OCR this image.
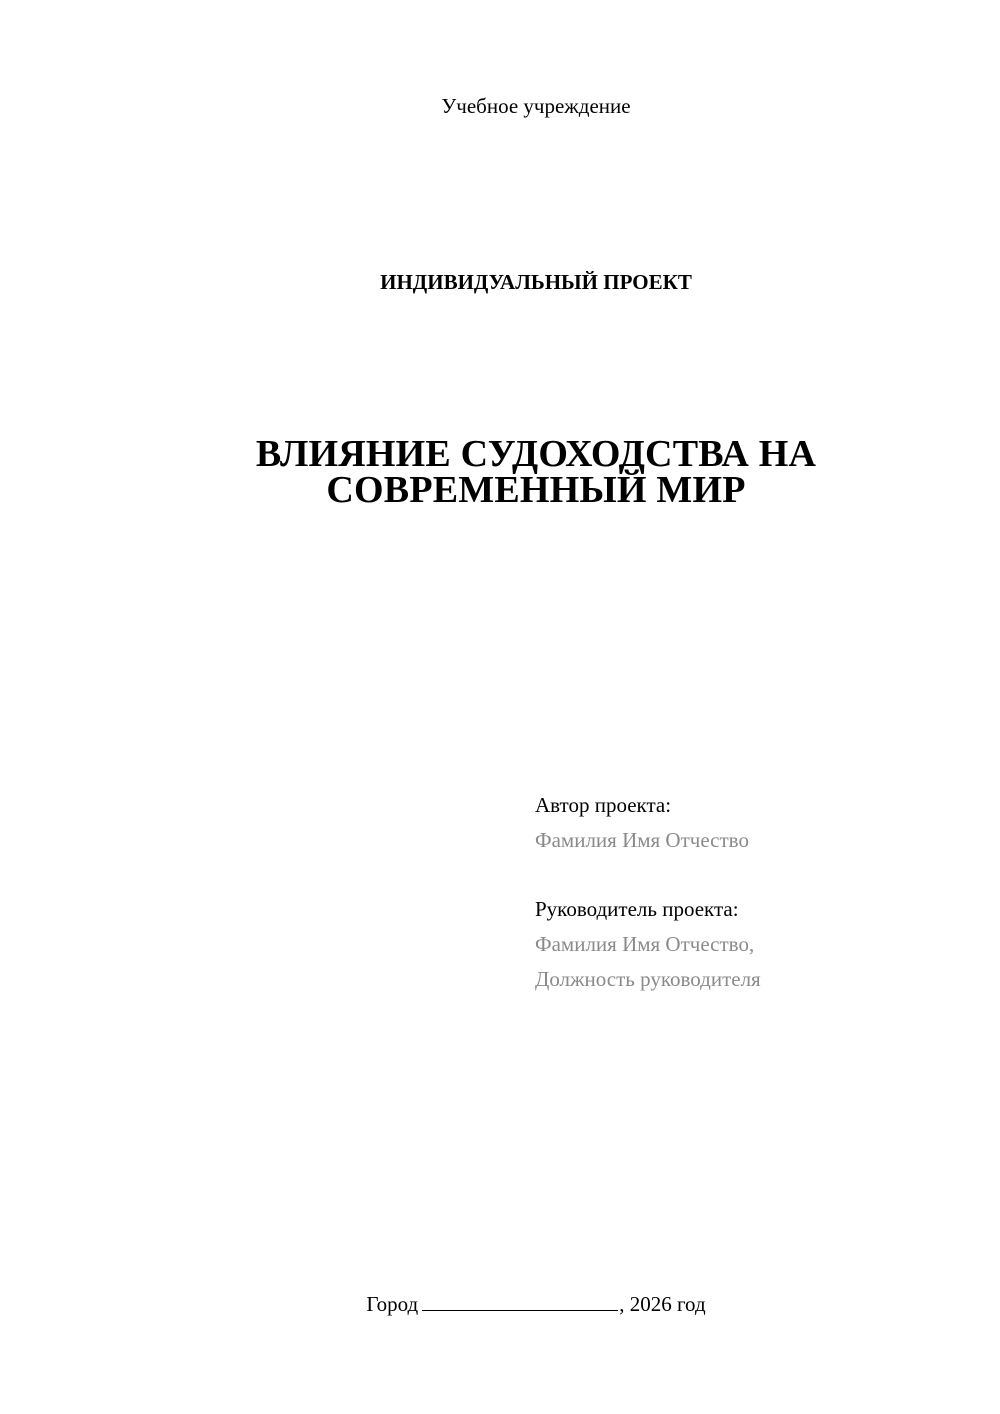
Учебное учреждение
ИНДИВИДУАЛЬНЫЙ ПРОЕКТ
ВЛИЯНИЕ СУДОХОДСТВА НА
СОВРЕМЕННЫЙ МИР
Автор проекта:
Фамилия Имя Отчество
Руководитель проекта:
Фамилия Имя Отчество,
Должность руководителя
Город	, 2026 год
